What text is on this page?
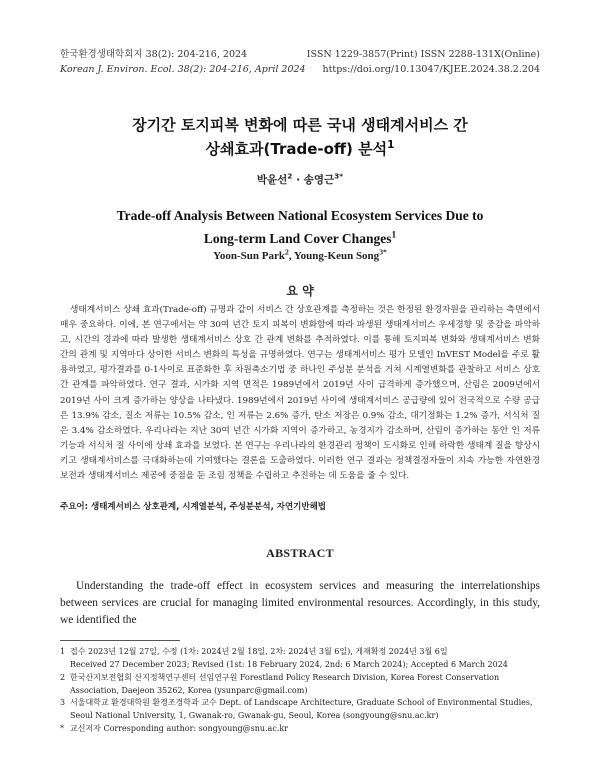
한국환경생태학회지 38(2): 204-216, 2024
Korean J. Environ. Ecol. 38(2): 204-216, April 2024
ISSN 1229-3857(Print) ISSN 2288-131X(Online)
https://doi.org/10.13047/KJEE.2024.38.2.204
장기간 토지피복 변화에 따른 국내 생태계서비스 간
상쇄효과(Trade-off) 분석$^1$
박윤선$^2$ · 송영근$^{3*}$
Trade-off Analysis Between National Ecosystem Services Due to
Long-term Land Cover Changes$^1$
Yoon-Sun Park$^2$, Young-Keun Song$^{3*}$
요 약
생태계서비스 상쇄 효과(Trade-off) 규명과 같이 서비스 간 상호관계를 측정하는 것은 한정된 환경자원을 관리하는 측면에서 매우 중요하다. 이에, 본 연구에서는 약 30여 년간 토지 피복이 변화함에 따라 파생된 생태계서비스 우세경향 및 중감을 파악하고, 시간의 경과에 따라 발생한 생태계서비스 상호 간 관계 변화를 추적하였다. 이를 통해 토지피복 변화와 생태계서비스 변화 간의 관계 및 지역마다 상이한 서비스 변화의 특성을 규명하였다. 연구는 생태계서비스 평가 모델인 InVEST Model을 주로 활용하였고, 평가결과를 0-1사이로 표준화한 후 차원축소기법 중 하나인 주성분 분석을 거쳐 시계열변화를 관찰하고 서비스 상호 간 관계를 파악하였다. 연구 결과, 시가화 지역 면적은 1989년에서 2019년 사이 급격하게 증가했으며, 산림은 2009년에서 2019년 사이 크게 증가하는 양상을 나타냈다. 1989년에서 2019년 사이에 생태계서비스 공급량에 있어 전국적으로 수량 공급은 13.9% 감소, 질소 저류는 10.5% 감소, 인 저류는 2.6% 증가, 탄소 저장은 0.9% 감소, 대기정화는 1.2% 증가, 서식처 질은 3.4% 감소하였다. 우리나라는 지난 30여 년간 시가화 지역이 증가하고, 농경지가 감소하며, 산림이 증가하는 동안 인 저류 기능과 서식처 질 사이에 상쇄 효과를 보였다. 본 연구는 우리나라의 환경관리 정책이 도시화로 인해 하락한 생태계 질을 향상시키고 생태계서비스를 극대화하는데 기여했다는 결론을 도출하였다. 이러한 연구 결과는 정책결정자들이 지속 가능한 자연환경 보전과 생태계서비스 제공에 중점을 둔 조림 정책을 수립하고 추진하는 데 도움을 줄 수 있다.
주요어: 생태계서비스 상호관계, 시계열분석, 주성분분석, 자연기반해법
ABSTRACT
Understanding the trade-off effect in ecosystem services and measuring the interrelationships between services are crucial for managing limited environmental resources. Accordingly, in this study, we identified the
1 접수 2023년 12월 27일, 수정 (1차: 2024년 2월 18일, 2차: 2024년 3월 6일), 게재확정 2024년 3월 6일
Received 27 December 2023; Revised (1st: 18 February 2024, 2nd: 6 March 2024); Accepted 6 March 2024
2 한국산지보전협회 산지정책연구센터 선임연구원 Forestland Policy Research Division, Korea Forest Conservation Association, Daejeon 35262, Korea (ysunparc@gmail.com)
3 서울대학교 환경대학원 환경조경학과 교수 Dept. of Landscape Architecture, Graduate School of Environmental Studies, Seoul National University, 1, Gwanak-ro, Gwanak-gu, Seoul, Korea (songyoung@snu.ac.kr)
* 교신저자 Corresponding author: songyoung@snu.ac.kr
